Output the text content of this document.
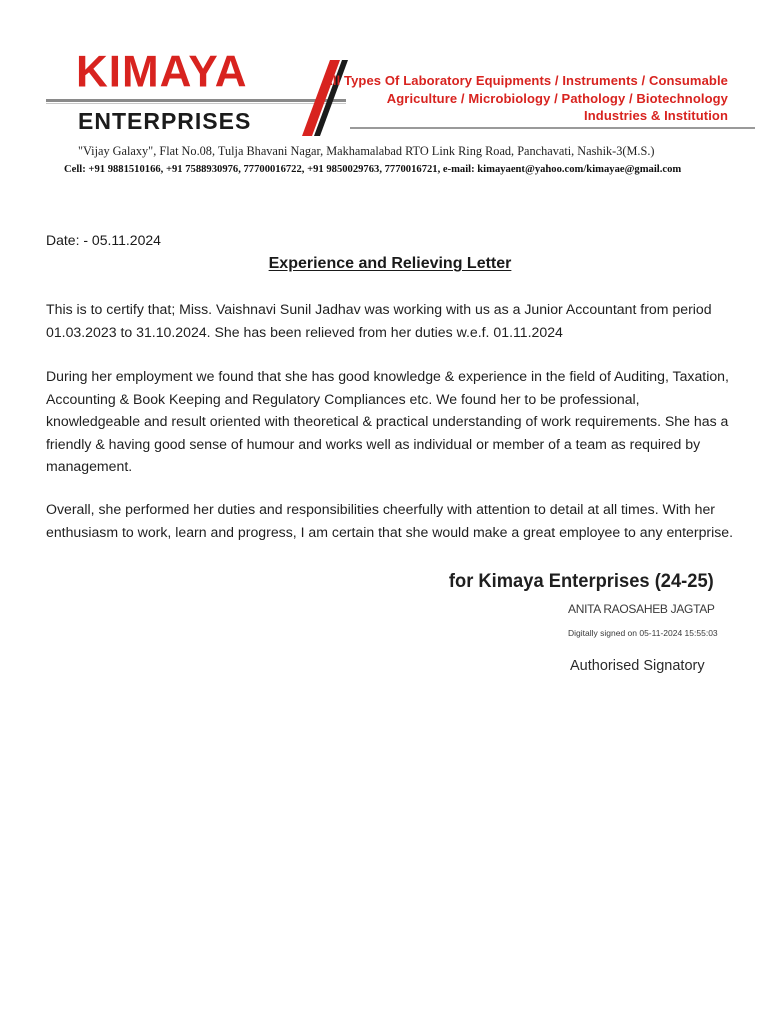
KIMAYA
ENTERPRISES
All Types Of Laboratory Equipments / Instruments / Consumable
Agriculture / Microbiology / Pathology / Biotechnology
Industries & Institution
"Vijay Galaxy", Flat No.08, Tulja Bhavani Nagar, Makhamalabad RTO Link Ring Road, Panchavati, Nashik-3(M.S.)
Cell: +91 9881510166, +91 7588930976, 77700016722, +91 9850029763, 7770016721, e-mail: kimayaent@yahoo.com/kimayae@gmail.com
Date: - 05.11.2024
Experience and Relieving Letter
This is to certify that; Miss. Vaishnavi Sunil Jadhav was working with us as a Junior Accountant from period 01.03.2023 to 31.10.2024. She has been relieved from her duties w.e.f. 01.11.2024
During her employment we found that she has good knowledge & experience in the field of Auditing, Taxation, Accounting & Book Keeping and Regulatory Compliances etc. We found her to be professional, knowledgeable and result oriented with theoretical & practical understanding of work requirements. She has a friendly & having good sense of humour and works well as individual or member of a team as required by management.
Overall, she performed her duties and responsibilities cheerfully with attention to detail at all times. With her enthusiasm to work, learn and progress, I am certain that she would make a great employee to any enterprise.
for Kimaya Enterprises (24-25)
ANITA RAOSAHEB JAGTAP
Digitally signed on 05-11-2024 15:55:03
Authorised Signatory
